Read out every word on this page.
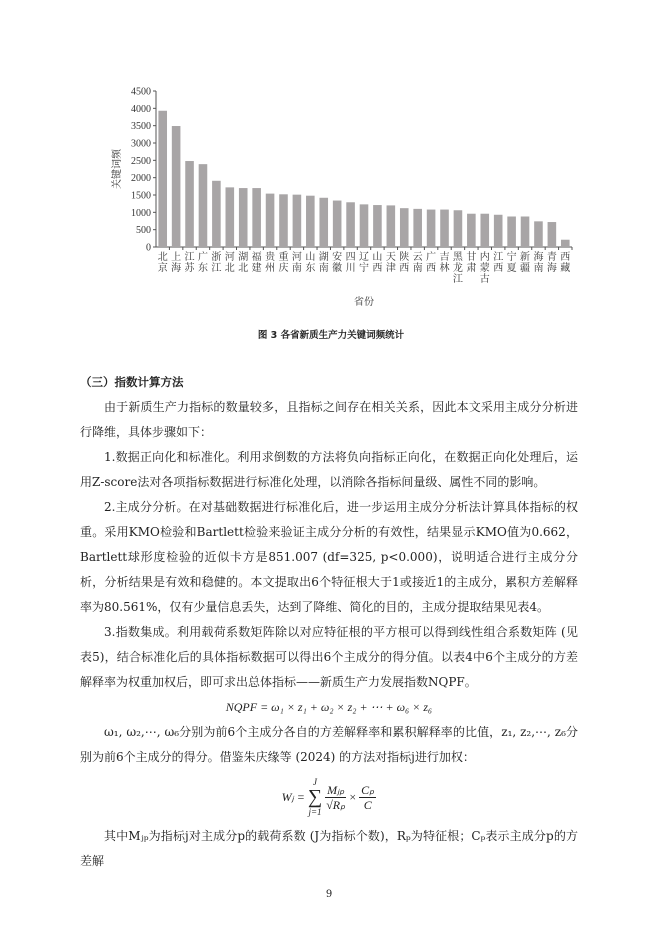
0
500
1000
1500
2000
2500
3000
3500
4000
4500
北
京
上
海
江
苏
广
东
浙
江
河
北
湖
北
福
建
贵
州
重
庆
河
南
山
东
湖
南
安
徽
四
川
辽
宁
山
西
天
津
陕
西
云
南
广
西
吉
林
黑
龙
江
甘
肃
内
蒙
古
江
西
宁
夏
新
疆
海
南
青
海
西
藏
省份
关键词频
图 3 各省新质生产力关键词频统计
（三）指数计算方法

由于新质生产力指标的数量较多，且指标之间存在相关关系，因此本文采用主成分分析进行降维，具体步骤如下：

1.数据正向化和标准化。利用求倒数的方法将负向指标正向化，在数据正向化处理后，运用Z-score法对各项指标数据进行标准化处理，以消除各指标间量级、属性不同的影响。

2.主成分分析。在对基础数据进行标准化后，进一步运用主成分分析法计算具体指标的权重。采用KMO检验和Bartlett检验来验证主成分分析的有效性，结果显示KMO值为0.662，Bartlett球形度检验的近似卡方是851.007 (df=325, p<0.000)，说明适合进行主成分分析，分析结果是有效和稳健的。本文提取出6个特征根大于1或接近1的主成分，累积方差解释率为80.561%，仅有少量信息丢失，达到了降维、简化的目的，主成分提取结果见表4。

3.指数集成。利用载荷系数矩阵除以对应特征根的平方根可以得到线性组合系数矩阵 (见表5)，结合标准化后的具体指标数据可以得出6个主成分的得分值。以表4中6个主成分的方差解释率为权重加权后，即可求出总体指标——新质生产力发展指数NQPF。

NQPF = ω₁ × z₁ + ω₂ × z₂ + ⋯ + ω₆ × z₆

ω₁, ω₂,⋯, ω₆分别为前6个主成分各自的方差解释率和累积解释率的比值，z₁, z₂,⋯, z₆分别为前6个主成分的得分。借鉴朱庆缘等 (2024) 的方法对指标j进行加权：

Wⱼ =
J
∑
j=1
$\frac{\text{Mⱼₚ}}{\text{√Rₚ}} \times \frac{\text{Cₚ}}{C}$

其中Mⱼₚ为指标j对主成分p的载荷系数 (J为指标个数)，Rₚ为特征根；Cₚ表示主成分p的方差解

9
